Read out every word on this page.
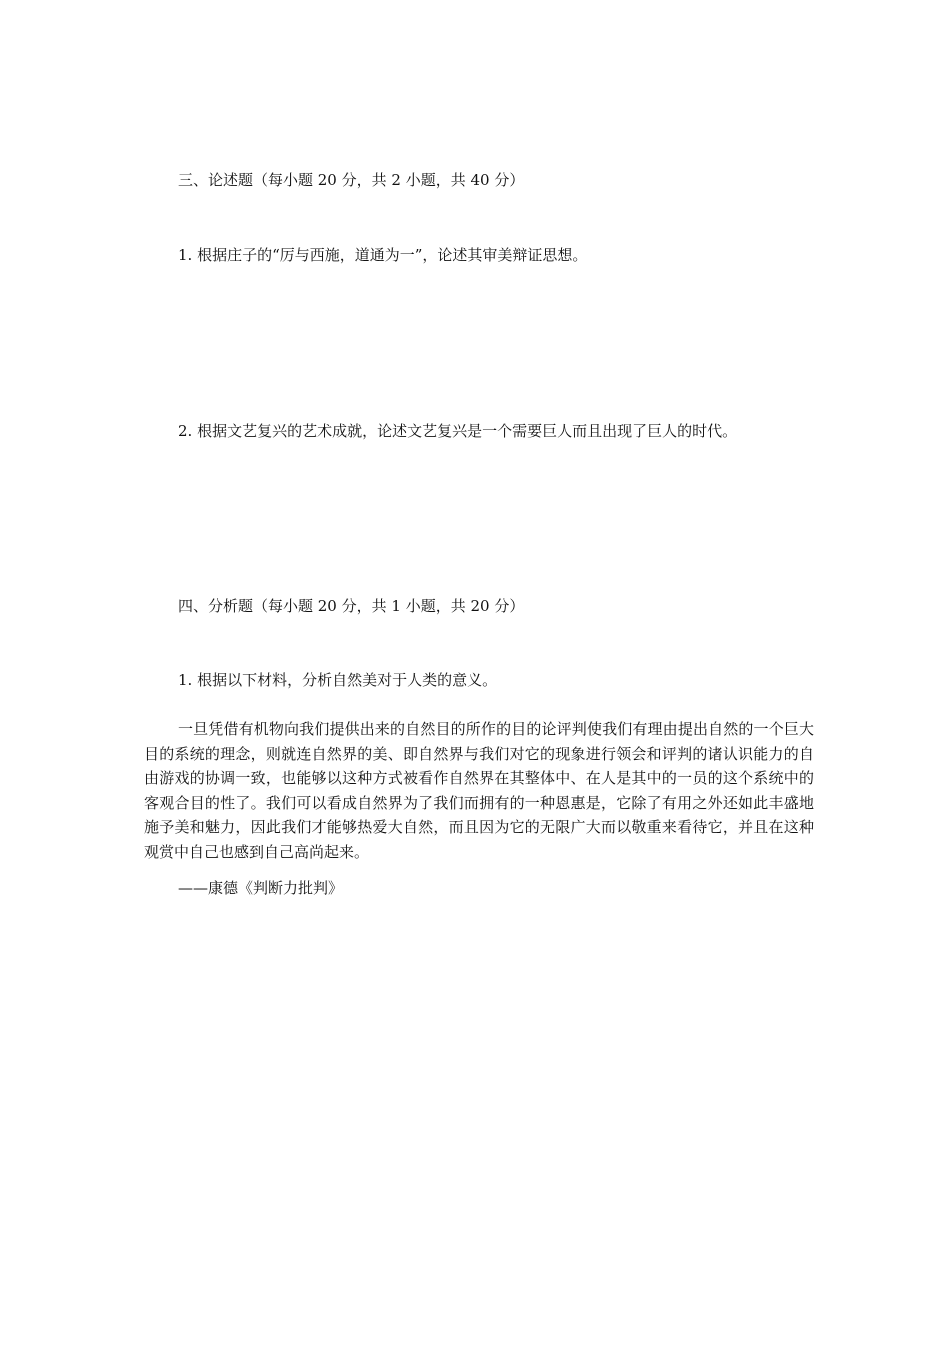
三、论述题（每小题 20 分，共 2 小题，共 40 分）

1. 根据庄子的“厉与西施，道通为一”，论述其审美辩证思想。

2. 根据文艺复兴的艺术成就，论述文艺复兴是一个需要巨人而且出现了巨人的时代。

四、分析题（每小题 20 分，共 1 小题，共 20 分）

1. 根据以下材料，分析自然美对于人类的意义。

一旦凭借有机物向我们提供出来的自然目的所作的目的论评判使我们有理由提出自然的一个巨大目的系统的理念，则就连自然界的美、即自然界与我们对它的现象进行领会和评判的诸认识能力的自由游戏的协调一致，也能够以这种方式被看作自然界在其整体中、在人是其中的一员的这个系统中的客观合目的性了。我们可以看成自然界为了我们而拥有的一种恩惠是，它除了有用之外还如此丰盛地施予美和魅力，因此我们才能够热爱大自然，而且因为它的无限广大而以敬重来看待它，并且在这种观赏中自己也感到自己高尚起来。

——康德《判断力批判》
